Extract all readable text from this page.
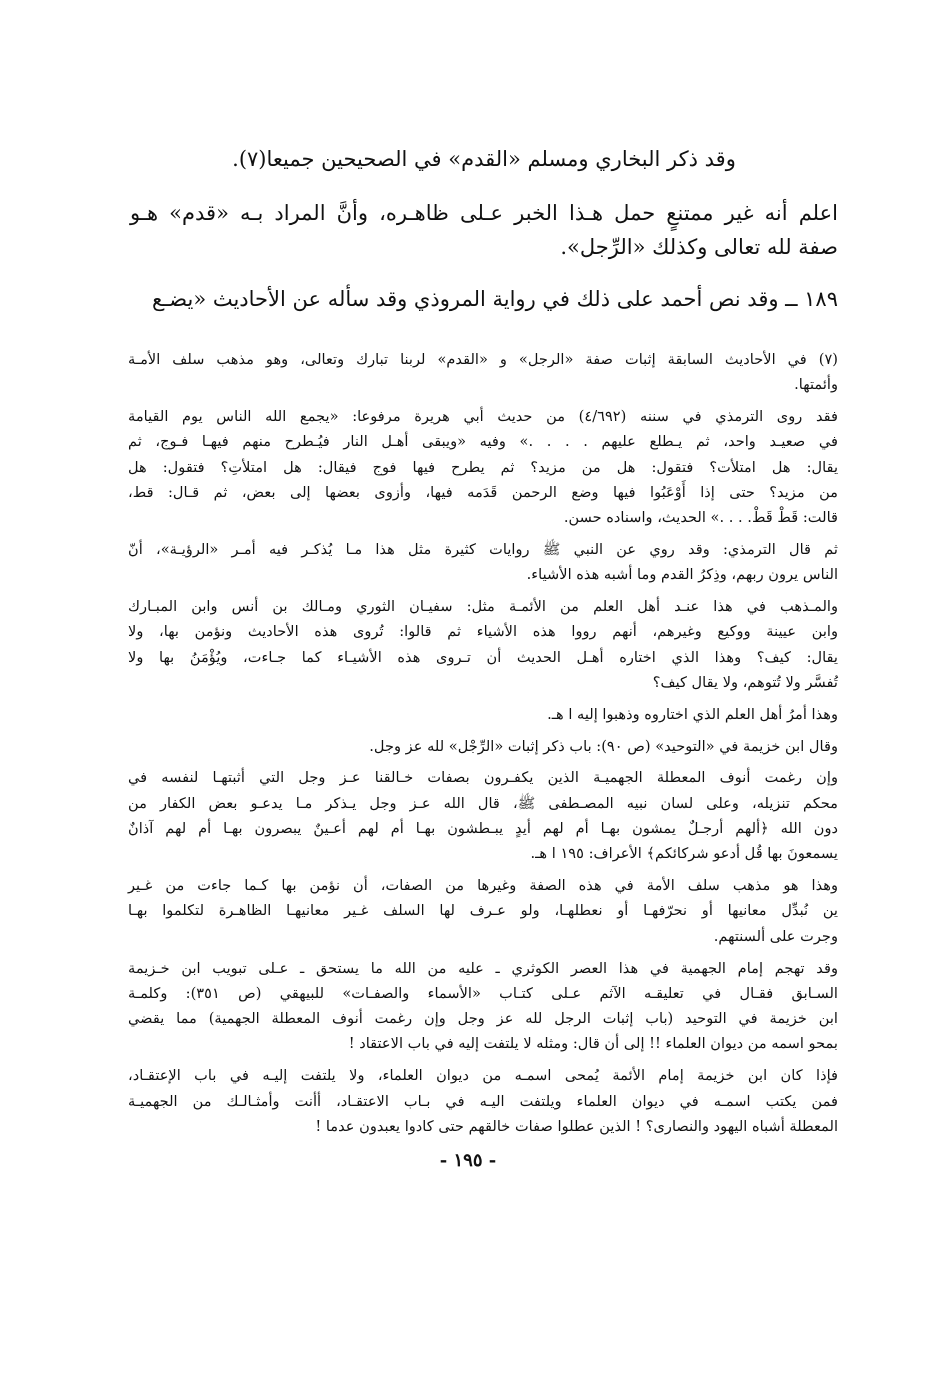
وقد ذكر البخاري ومسلم «القدم» في الصحيحين جميعا(٧).
اعلم أنه غير ممتنعٍ حمل هـذا الخبر عـلى ظاهـره، وأنَّ المراد بـه «قدم» هـو
صفة لله تعالى وكذلك «الرِّجل».
١٨٩ ــ وقد نص أحمد على ذلك في رواية المروذي وقد سأله عن الأحاديث «يضـع
(٧) في الأحاديث السابقة إثبات صفة «الرجل» و «القدم» لربنا تبارك وتعالى، وهو مذهب سلف الأمـة
وأئمتها.
فقد روى الترمذي في سننه (٤/٦٩٢) من حديث أبي هريرة مرفوعا: «يجمع الله الناس يوم القيامة
في صعيـد واحد، ثم يـطلع عليهم . . . .» وفيه «ويبقى أهـل النار فيُـطرح منهم فيهـا فـوج، ثم
يقال: هل امتلأت؟ فتقول: هل من مزيد؟ ثم يطرح فيها فوج فيقال: هل امتلأتِ؟ فتقول: هل
من مزيد؟ حتى إذا أَوْعَبُوا فيها وضع الرحمن قَدَمه فيها، وأزوى بعضها إلى بعض، ثم قـال: قط،
قالت: قَطْ قَطْ. . . .» الحديث، واسناده حسن.
ثم قال الترمذي: وقد روي عن النبي ﷺ روايات كثيرة مثل هذا مـا يُذكـر فيه أمـر «الرؤيـة»، أنّ
الناس يرون ربهم، وذِكرُ القدم وما أشبه هذه الأشياء.
والمـذهب في هذا عنـد أهل العلم من الأئمـة مثل: سفيـان الثوري ومـالك بن أنس وابن المبـارك
وابن عيينة ووكيع وغيرهم، أنهم رووا هذه الأشياء ثم قالوا: تُروى هذه الأحاديث ونؤمن بها، ولا
يقال: كيف؟ وهذا الذي اختاره أهـل الحديث أن تـروى هذه الأشيـاء كما جـاءت، ويُؤْمَنُ بها ولا
تُفسَّر ولا تُتوهم، ولا يقال كيف؟
وهذا أمرُ أهل العلم الذي اختاروه وذهبوا إليه ا هـ.
وقال ابن خزيمة في «التوحيد» (ص ٩٠): باب ذكر إثبات «الرِّجْل» لله عز وجل.
وإن رغمت أنوف المعطلة الجهميـة الذين يكفـرون بصفات خـالقنا عـز وجل التي أثبتهـا لنفسه في
محكم تنزيله، وعلى لسان نبيه المصـطفى ﷺ، قال الله عـز وجل يـذكر مـا يدعـو بعض الكفار من
دون الله ﴿ألهم أرجـلٌ يمشون بهـا أم لهم أيدٍ يبـطشون بهـا أم لهم أعـينٌ يبصرون بهـا أم لهم آذانٌ
يسمعونَ بها قُل أدعو شركائكم﴾ الأعراف: ١٩٥ ا هـ.
وهذا هو مذهب سلف الأمة في هذه الصفة وغيرها من الصفات، أن نؤمن بها كـما جاءت من غـير
ين نُبدِّل معانيها أو نحرّفهـا أو نعطلهـا، ولو عـرف لها السلف غـير معانيهـا الظاهـرة لتكلموا بهـا
وجرت على ألسنتهم.
وقد تهجم إمام الجهمية في هذا العصر الكوثري ـ عليه من الله ما يستحق ـ عـلى تبويب ابن خـزيمة
السـابق فقـال في تعليقـه الآثم عـلى كتـاب «الأسماء والصفـات» للبيهقي (ص ٣٥١): وكلمـة
ابن خزيمة في التوحيد (باب إثبات الرجل لله عز وجل وإن رغمت أنوف المعطلة الجهمية) مما يقضي
بمحو اسمه من ديوان العلماء !! إلى أن قال: ومثله لا يلتفت إليه في باب الاعتقاد !
فإذا كان ابن خزيمة إمام الأئمة يُمحى اسمـه من ديوان العلماء، ولا يلتفت إليـه في باب الإعتقـاد،
فمن يكتب اسمـه في ديوان العلماء ويلتفت اليـه في بـاب الاعتقـاد، أأنت وأمثـالـك من الجهميـة
المعطلة أشباه اليهود والنصارى؟ ! الذين عطلوا صفات خالقهم حتى كادوا يعبدون عدما !
- ١٩٥ -
